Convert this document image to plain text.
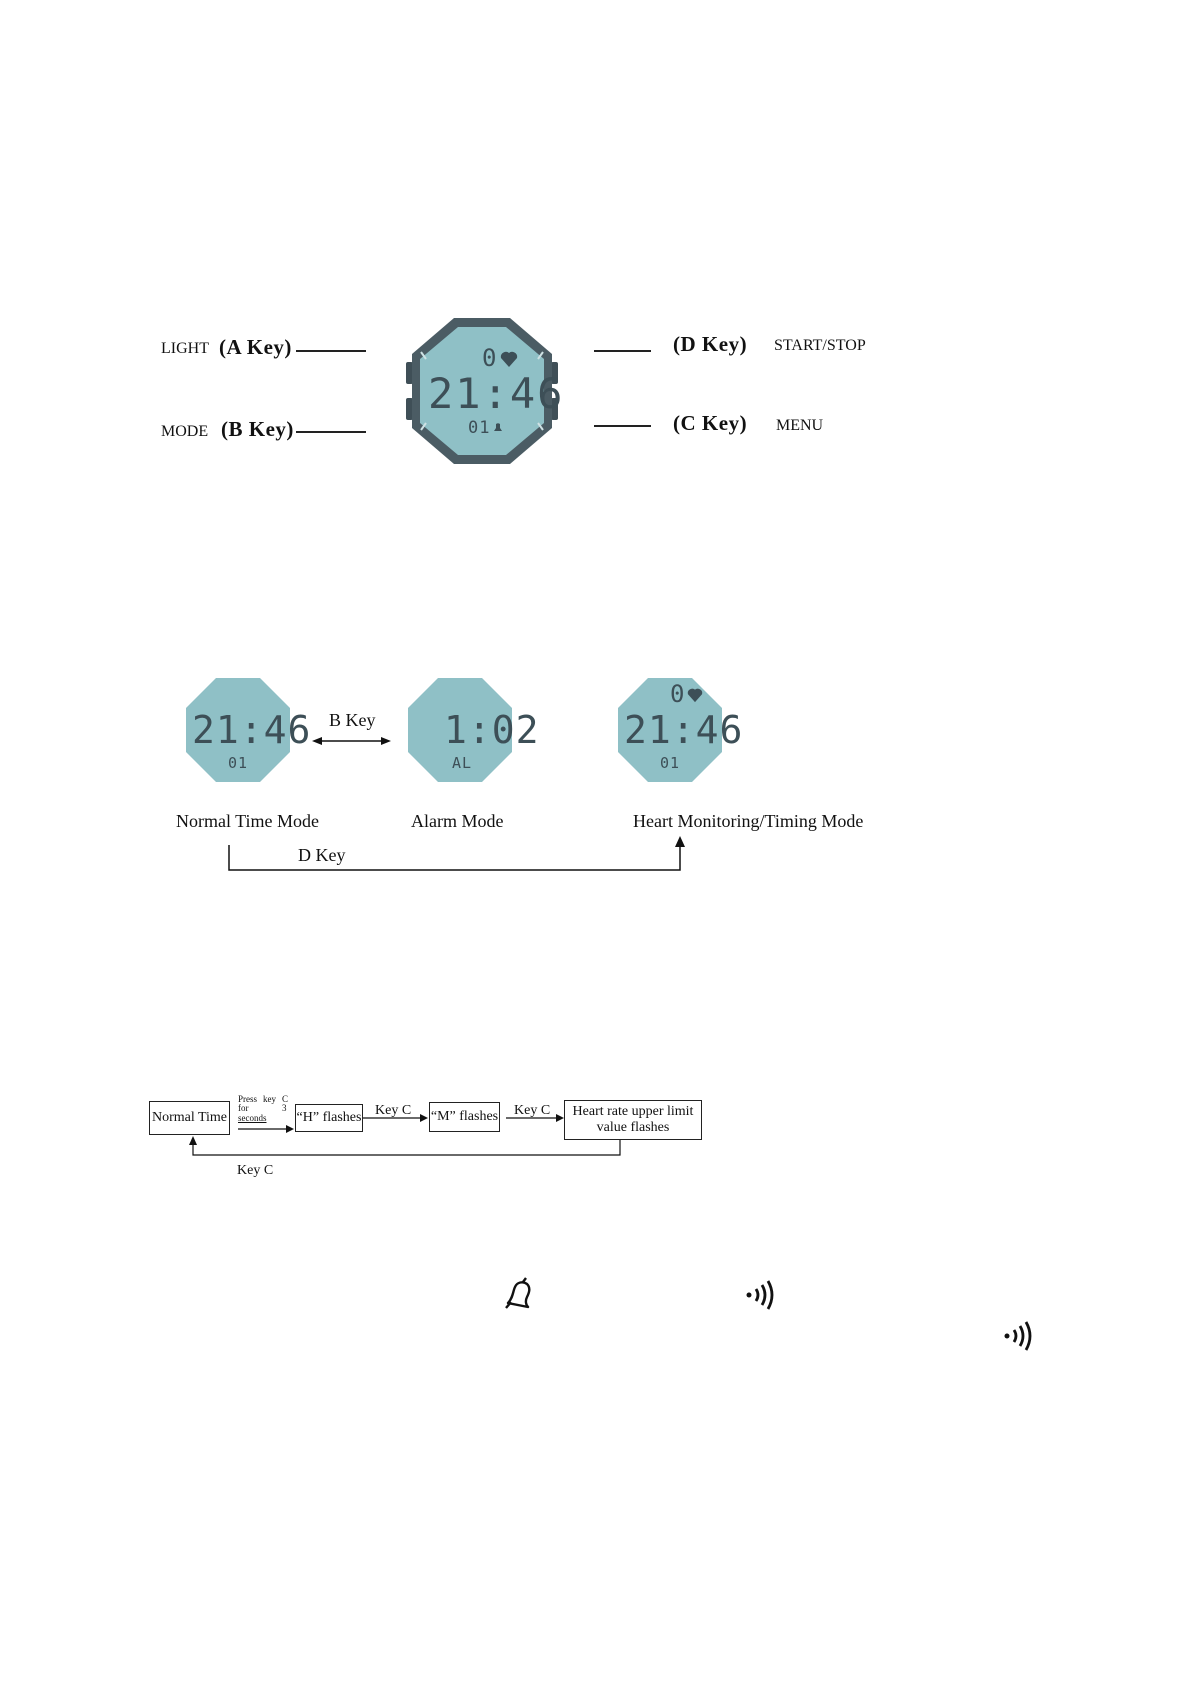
LIGHT (A Key)
MODE (B Key)
(D Key) START/STOP
(C Key) MENU
0
21:46
01
21:46
01
1:02
AL
0
21:46
01
B Key
D Key
Normal Time Mode	Alarm Mode	Heart Monitoring/Timing Mode
Normal Time
Press
for
seconds
key C
3
“H” flashes Key C “M” flashes Key C	Heart rate upper limit value flashes
Key C
